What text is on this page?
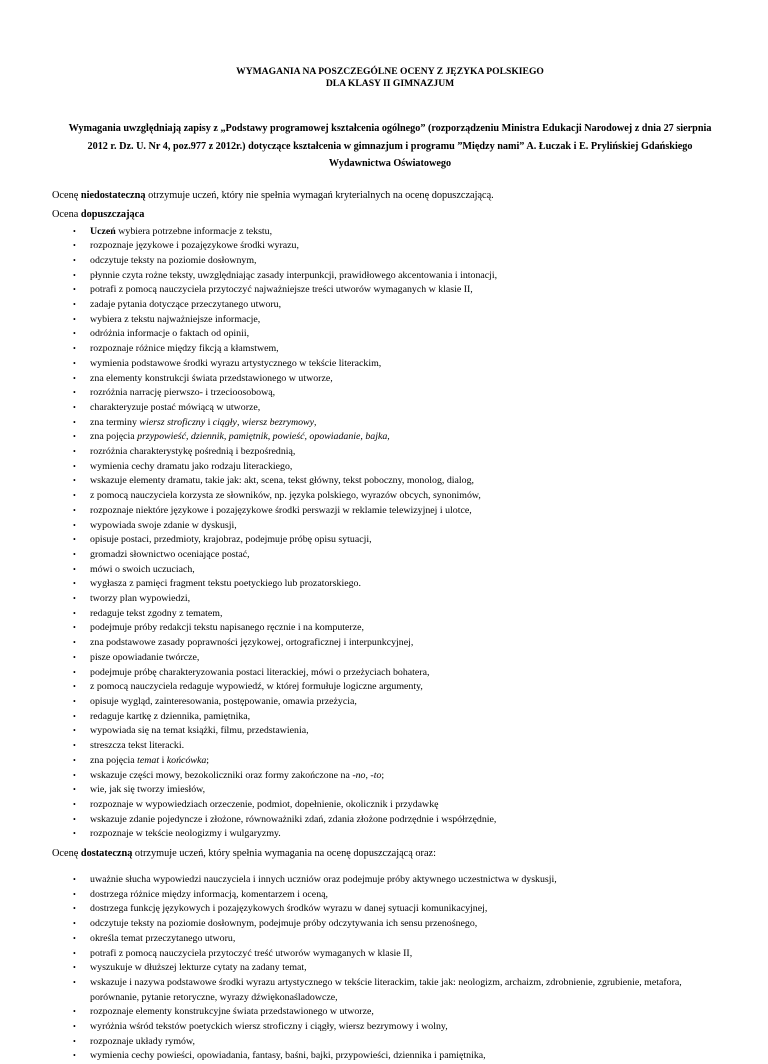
WYMAGANIA NA POSZCZEGÓLNE OCENY Z JĘZYKA POLSKIEGO
DLA KLASY II GIMNAZJUM
Wymagania uwzględniają zapisy z „Podstawy programowej kształcenia ogólnego” (rozporządzeniu Ministra Edukacji Narodowej z dnia 27 sierpnia 2012 r. Dz. U. Nr 4, poz.977 z 2012r.) dotyczące kształcenia w gimnazjum i programu ”Między nami” A. Łuczak i E. Prylińskiej Gdańskiego Wydawnictwa Oświatowego

Ocenę niedostateczną otrzymuje uczeń, który nie spełnia wymagań kryterialnych na ocenę dopuszczającą.

Ocena dopuszczająca

• Uczeń wybiera potrzebne informacje z tekstu,
• rozpoznaje językowe i pozajęzykowe środki wyrazu,
• odczytuje teksty na poziomie dosłownym,
• płynnie czyta rożne teksty, uwzględniając zasady interpunkcji, prawidłowego akcentowania i intonacji,
• potrafi z pomocą nauczyciela przytoczyć najważniejsze treści utworów wymaganych w klasie II,
• zadaje pytania dotyczące przeczytanego utworu,
• wybiera z tekstu najważniejsze informacje,
• odróżnia informacje o faktach od opinii,
• rozpoznaje różnice między fikcją a kłamstwem,
• wymienia podstawowe środki wyrazu artystycznego w tekście literackim,
• zna elementy konstrukcji świata przedstawionego w utworze,
• rozróżnia narrację pierwszo- i trzecioosobową,
• charakteryzuje postać mówiącą w utworze,
• zna terminy wiersz stroficzny i ciągły, wiersz bezrymowy,
• zna pojęcia przypowieść, dziennik, pamiętnik, powieść, opowiadanie, bajka,
• rozróżnia charakterystykę pośrednią i bezpośrednią,
• wymienia cechy dramatu jako rodzaju literackiego,
• wskazuje elementy dramatu, takie jak: akt, scena, tekst główny, tekst poboczny, monolog, dialog,
• z pomocą nauczyciela korzysta ze słowników, np. języka polskiego, wyrazów obcych, synonimów,
• rozpoznaje niektóre językowe i pozajęzykowe środki perswazji w reklamie telewizyjnej i ulotce,
• wypowiada swoje zdanie w dyskusji,
• opisuje postaci, przedmioty, krajobraz, podejmuje próbę opisu sytuacji,
• gromadzi słownictwo oceniające postać,
• mówi o swoich uczuciach,
• wygłasza z pamięci fragment tekstu poetyckiego lub prozatorskiego.
• tworzy plan wypowiedzi,
• redaguje tekst zgodny z tematem,
• podejmuje próby redakcji tekstu napisanego ręcznie i na komputerze,
• zna podstawowe zasady poprawności językowej, ortograficznej i interpunkcyjnej,
• pisze opowiadanie twórcze,
• podejmuje próbę charakteryzowania postaci literackiej, mówi o przeżyciach bohatera,
• z pomocą nauczyciela redaguje wypowiedź, w której formułuje logiczne argumenty,
• opisuje wygląd, zainteresowania, postępowanie, omawia przeżycia,
• redaguje kartkę z dziennika, pamiętnika,
• wypowiada się na temat książki, filmu, przedstawienia,
• streszcza tekst literacki.
• zna pojęcia temat i końcówka;
• wskazuje części mowy, bezokoliczniki oraz formy zakończone na -no, -to;
• wie, jak się tworzy imiesłów,
• rozpoznaje w wypowiedziach orzeczenie, podmiot, dopełnienie, okolicznik i przydawkę
• wskazuje zdanie pojedyncze i złożone, równoważniki zdań, zdania złożone podrzędnie i współrzędnie,
• rozpoznaje w tekście neologizmy i wulgaryzmy.

Ocenę dostateczną otrzymuje uczeń, który spełnia wymagania na ocenę dopuszczającą oraz:

• uważnie słucha wypowiedzi nauczyciela i innych uczniów oraz podejmuje próby aktywnego uczestnictwa w dyskusji,
• dostrzega różnice między informacją, komentarzem i oceną,
• dostrzega funkcję językowych i pozajęzykowych środków wyrazu w danej sytuacji komunikacyjnej,
• odczytuje teksty na poziomie dosłownym, podejmuje próby odczytywania ich sensu przenośnego,
• określa temat przeczytanego utworu,
• potrafi z pomocą nauczyciela przytoczyć treść utworów wymaganych w klasie II,
• wyszukuje w dłuższej lekturze cytaty na zadany temat,
• wskazuje i nazywa podstawowe środki wyrazu artystycznego w tekście literackim, takie jak: neologizm, archaizm, zdrobnienie, zgrubienie, metafora, porównanie, pytanie retoryczne, wyrazy dźwiękonaśladowcze,
• rozpoznaje elementy konstrukcyjne świata przedstawionego w utworze,
• wyróżnia wśród tekstów poetyckich wiersz stroficzny i ciągły, wiersz bezrymowy i wolny,
• rozpoznaje układy rymów,
• wymienia cechy powieści, opowiadania, fantasy, baśni, bajki, przypowieści, dziennika i pamiętnika,
